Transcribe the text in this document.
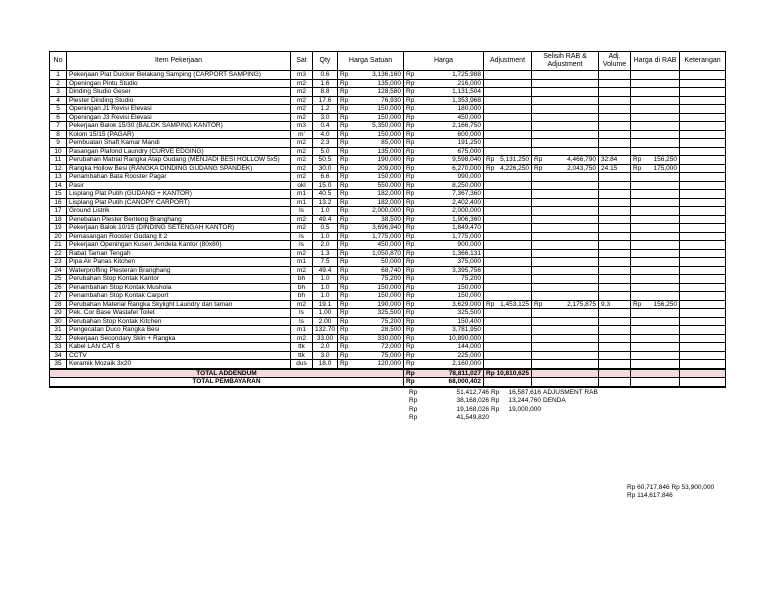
No	Item Pekerjaan	Sat	Qty	Harga Satuan	Harga	Adjustment	Selisih RAB & Adjustment	Adj. Volume	Harga di RAB	Keterangan
1	Pekerjaan Plat Duicker Belakang Samping (CARPORT SAMPING)	m3	0.6	Rp 3,136,160	Rp 1,725,988					

2	Openingan Pintu Studio	m2	1.6	Rp 135,000	Rp 216,000					

3	Dinding Studio Geser	m2	8.8	Rp 128,580	Rp 1,131,504					

4	Plester Dinding Studio	m2	17.6	Rp 76,930	Rp 1,353,968					

5	Openingan J1 Revisi Elevasi	m2	1.2	Rp 150,000	Rp 180,000					

6	Openingan J3 Revisi Elevasi	m2	3.0	Rp 150,000	Rp 450,000					

7	Pekerjaan Balok 15/30 (BALOK SAMPING KANTOR)	m3	0.4	Rp 5,350,000	Rp 2,166,750					

8	Kolom 15/15 (PAGAR)	m'	4.0	Rp 150,000	Rp 600,000					

9	Pembuatan Shaft Kamar Mandi	m2	2.3	Rp 85,000	Rp 191,250					

10	Pasangan Plafond Laundry (CURVE EDGING)	m2	5.0	Rp 135,000	Rp 675,000					

11	Perubahan Matrial Rangka Atap Gudang (MENJADI BESI HOLLOW 5x5)	m2	50.5	Rp 190,000	Rp 9,598,040	Rp 5,131,250	Rp 4,466,790	32.84	Rp 156,250	

12	Rangka Hollow Besi (RANGKA DINDING GUDANG SPANDEK)	m2	30.0	Rp 209,000	Rp 6,270,000	Rp 4,226,250	Rp 2,043,750	24.15	Rp 175,000	

13	Penambahan Bata Rooster Pagar	m2	6.6	Rp 150,000	Rp 990,000					

14	Pasir	okl	15.0	Rp 550,000	Rp 8,250,000					

15	Lisplang Plat Putih (GUDANG + KANTOR)	m1	40.5	Rp 182,000	Rp 7,367,360					

16	Lisplang Plat Putih (CANOPY CARPORT)	m1	13.2	Rp 182,000	Rp 2,402,400					

17	Ground Listrik	ls	1.0	Rp 2,000,000	Rp 2,000,000					

18	Penebalan Plester Benteng Branghang	m2	49.4	Rp 38,500	Rp 1,906,360					

19	Pekerjaan Balok 10/15 (DINDING SETENGAH KANTOR)	m2	0.5	Rp 3,696,940	Rp 1,849,470					

20	Pemasangan Rooster Gudang lt 2	ls	1.0	Rp 1,775,000	Rp 1,775,000					

21	Pekerjaan Openingan Kusen Jendela Kantor (80x80)	ls	2.0	Rp 450,000	Rp 900,000					

22	Rabat Taman Tengah	m2	1.3	Rp 1,050,870	Rp 1,366,131					

23	Pipa Air Panas Kitchen	m1	7.5	Rp 50,000	Rp 375,000					

24	Waterproffing Plesteran Branghang	m2	49.4	Rp 68,740	Rp 3,395,756					

25	Perubahan Stop Kontak Kantor	bh	1.0	Rp 75,200	Rp 75,200					

26	Penambahan Stop Kontak Mushola	bh	1.0	Rp 150,000	Rp 150,000					

27	Penambahan Stop Kontak Carport	bh	1.0	Rp 150,000	Rp 150,000					

28	Perubahan Material Rangka Skylight Laundry dan taman	m2	19.1	Rp 190,000	Rp 3,629,000	Rp 1,453,125	Rp 2,175,875	9.3	Rp 156,250	

29	Pek. Cor Base Wastafel Toilet	ls	1.00	Rp 325,500	Rp 325,500					

30	Perubahan Stop Kontak Kitchen	ls	2.00	Rp 75,200	Rp 150,400					

31	Pengecatan Duco Rangka Besi	m1	132.70	Rp 28,500	Rp 3,781,950					

32	Pekerjaan Secondary Skin + Rangka	m2	33.00	Rp 330,000	Rp 10,890,000					

33	Kabel LAN CAT 6	ttk	2.0	Rp 72,000	Rp 144,000					

34	CCTV	ttk	3.0	Rp 75,000	Rp 225,000					

35	Keramik Mozaik 3x20	dus	18.0	Rp 120,000	Rp 2,160,000					

TOTAL ADDENDUM					Rp 78,811,027	Rp 10,810,625				
TOTAL PEMBAYARAN					Rp 68,000,402					

Rp	51,412,746 Rp	16,587,616 ADJUSMENT RAB
Rp	38,168,026 Rp	13,244,760 DENDA
Rp	19,168,026 Rp	19,000,000
Rp	41,549,820
Rp 60,717,846 Rp 53,900,000
Rp 114,617,846
